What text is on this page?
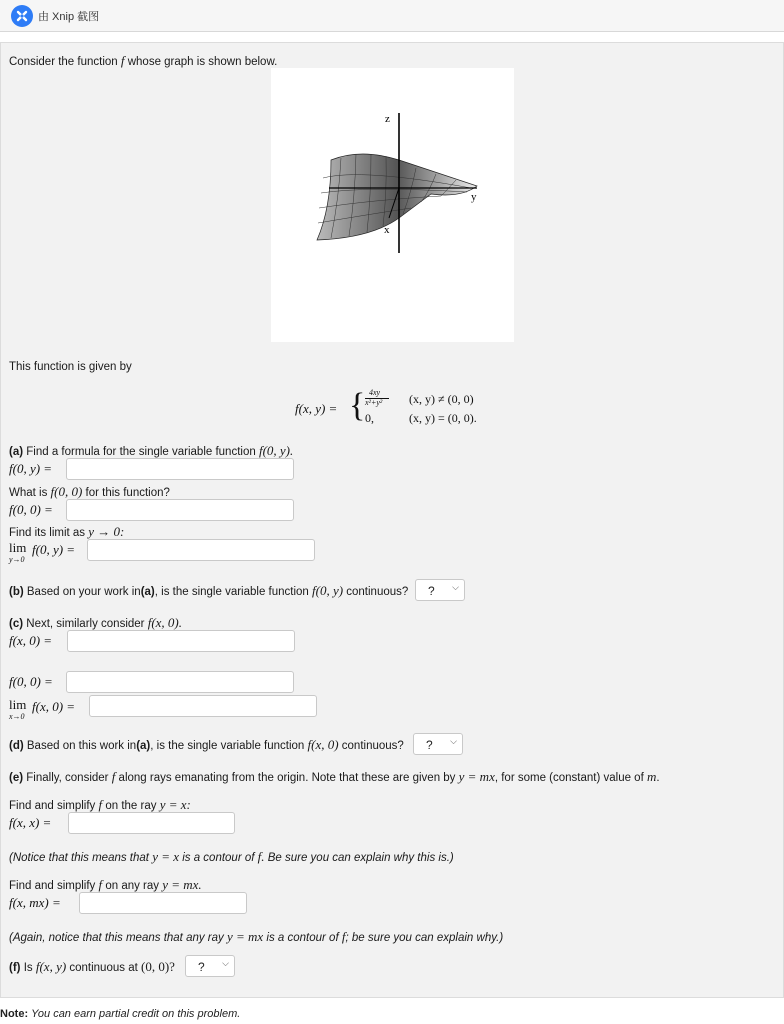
由 Xnip 截图
Consider the function f whose graph is shown below.
z
y
x
This function is given by
f(x, y) = { 4xy
x²+y² (x, y) ≠ (0, 0)
0,	(x, y) = (0, 0).
(a) Find a formula for the single variable function f(0, y).
f(0, y) =
What is f(0, 0) for this function?
f(0, 0) =
Find its limit as y → 0:
lim
y→0
f(0, y) =
(b) Based on your work in(a), is the single variable function f(0, y) continuous? ? ⌵
(c) Next, similarly consider f(x, 0).
f(x, 0) =
f(0, 0) =
lim
x→0
f(x, 0) =
(d) Based on this work in(a), is the single variable function f(x, 0) continuous? ? ⌵
(e) Finally, consider f along rays emanating from the origin. Note that these are given by y = mx, for some (constant) value of m.
Find and simplify f on the ray y = x:
f(x, x) =
(Notice that this means that y = x is a contour of f. Be sure you can explain why this is.)
Find and simplify f on any ray y = mx.
f(x, mx) =
(Again, notice that this means that any ray y = mx is a contour of f; be sure you can explain why.)
(f) Is f(x, y) continuous at (0, 0)? ? ⌵
Note: You can earn partial credit on this problem.
